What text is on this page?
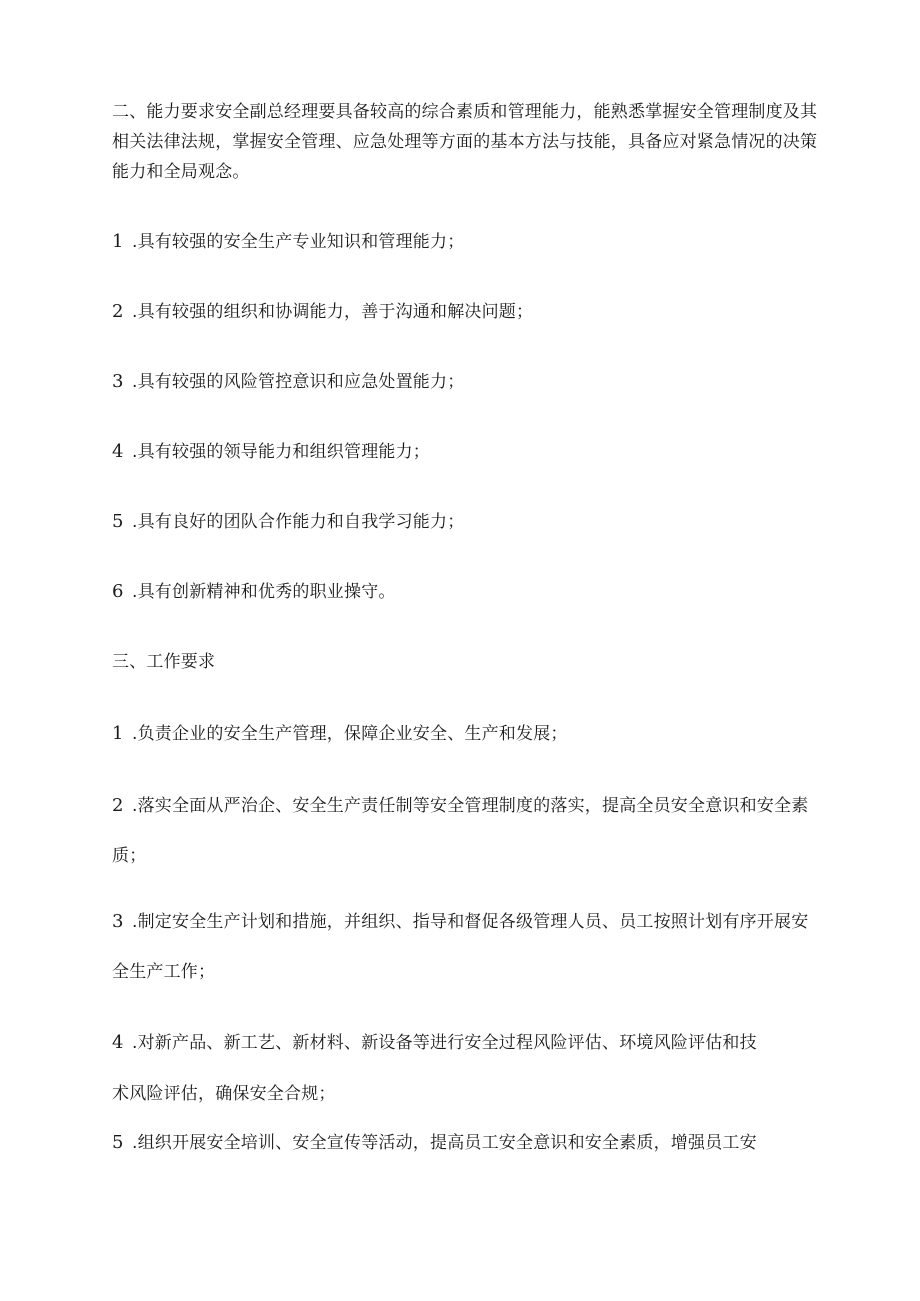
二、能力要求安全副总经理要具备较高的综合素质和管理能力，能熟悉掌握安全管理制度及其
相关法律法规，掌握安全管理、应急处理等方面的基本方法与技能，具备应对紧急情况的决策
能力和全局观念。
1 .具有较强的安全生产专业知识和管理能力；
2 .具有较强的组织和协调能力，善于沟通和解决问题；
3 .具有较强的风险管控意识和应急处置能力；
4 .具有较强的领导能力和组织管理能力；
5 .具有良好的团队合作能力和自我学习能力；
6 .具有创新精神和优秀的职业操守。
三、工作要求
1 .负责企业的安全生产管理，保障企业安全、生产和发展；
2 .落实全面从严治企、安全生产责任制等安全管理制度的落实，提高全员安全意识和安全素
质；
3 .制定安全生产计划和措施，并组织、指导和督促各级管理人员、员工按照计划有序开展安
全生产工作；
4 .对新产品、新工艺、新材料、新设备等进行安全过程风险评估、环境风险评估和技
术风险评估，确保安全合规；
5 .组织开展安全培训、安全宣传等活动，提高员工安全意识和安全素质，增强员工安
